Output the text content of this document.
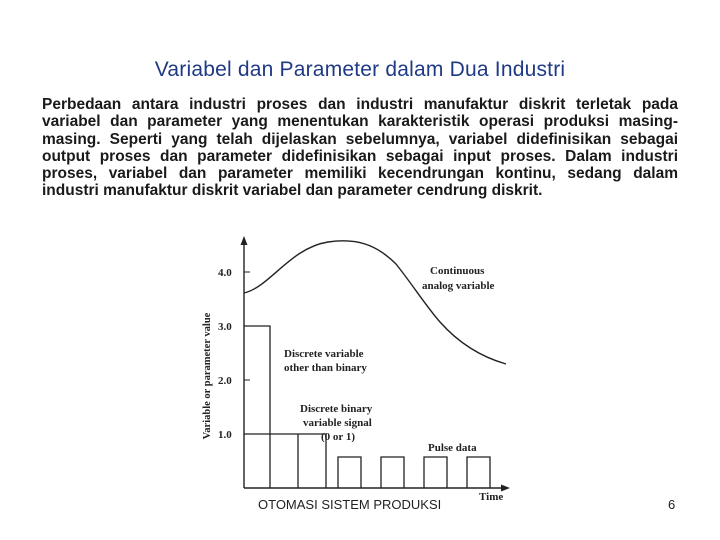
Variabel dan Parameter dalam Dua Industri

Perbedaan antara industri proses dan industri manufaktur diskrit terletak pada variabel dan parameter yang menentukan karakteristik operasi produksi masing-masing. Seperti yang telah dijelaskan sebelumnya, variabel didefinisikan sebagai output proses dan parameter didefinisikan sebagai input proses. Dalam industri proses, variabel dan parameter memiliki kecendrungan kontinu, sedang dalam industri manufaktur diskrit variabel dan parameter cendrung diskrit.

4.0
3.0
2.0
1.0
Variable or parameter value
Continuous
analog variable
Discrete variable
other than binary
Discrete binary
variable signal
(0 or 1)
Pulse data
Time
OTOMASI SISTEM PRODUKSI	6
